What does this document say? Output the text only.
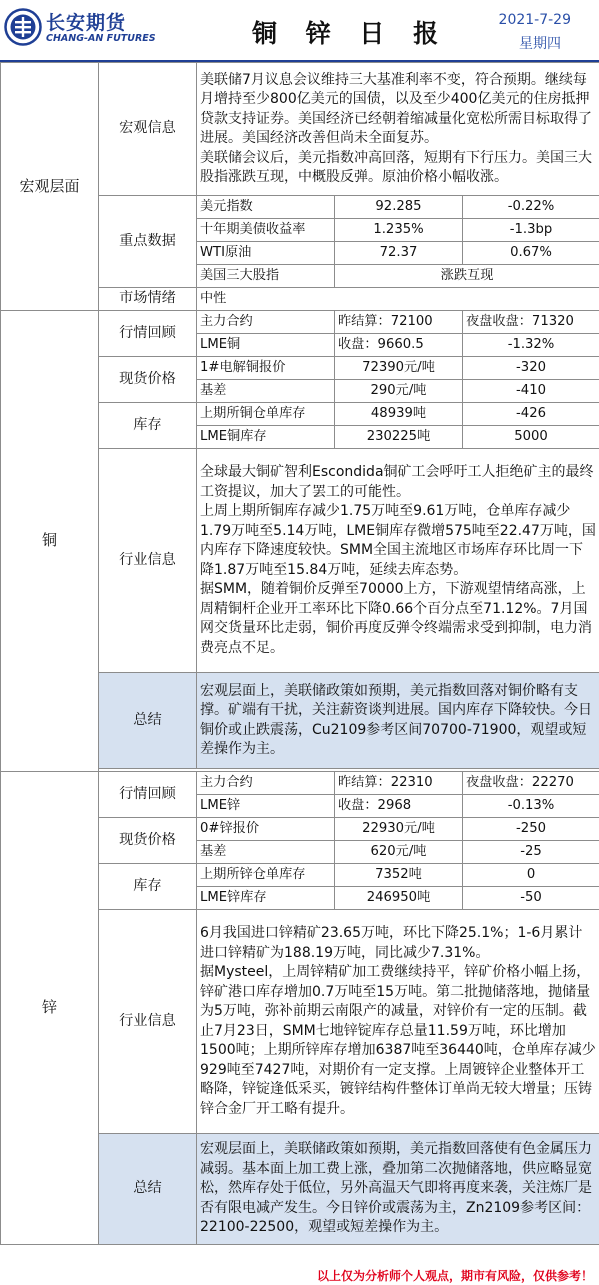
长安期货
CHANG-AN FUTURES	铜 锌 日 报	2021-7-29
星期四
宏观层面	宏观信息	美联储7月议息会议维持三大基准利率不变，符合预期。继续每月增持至少800亿美元的国债，以及至少400亿美元的住房抵押贷款支持证券。美国经济已经朝着缩减量化宽松所需目标取得了进展。美国经济改善但尚未全面复苏。
美联储会议后，美元指数冲高回落，短期有下行压力。美国三大股指涨跌互现，中概股反弹。原油价格小幅收涨。		
	重点数据	美元指数	92.285	-0.22%
		十年期美债收益率	1.235%	-1.3bp
		WTI原油	72.37	0.67%
		美国三大股指	涨跌互现	
	市场情绪	中性		
铜	行情回顾	主力合约	昨结算：72100	夜盘收盘：71320
		LME铜	收盘：9660.5	-1.32%
	现货价格	1#电解铜报价	72390元/吨	-320
		基差	290元/吨	-410
	库存	上期所铜仓单库存	48939吨	-426
		LME铜库存	230225吨	5000
	行业信息	全球最大铜矿智利Escondida铜矿工会呼吁工人拒绝矿主的最终工资提议，加大了罢工的可能性。
上周上期所铜库存减少1.75万吨至9.61万吨，仓单库存减少1.79万吨至5.14万吨，LME铜库存微增575吨至22.47万吨，国内库存下降速度较快。SMM全国主流地区市场库存环比周一下降1.87万吨至15.84万吨，延续去库态势。
据SMM，随着铜价反弹至70000上方，下游观望情绪高涨，上周精铜杆企业开工率环比下降0.66个百分点至71.12%。7月国网交货量环比走弱，铜价再度反弹令终端需求受到抑制，电力消费亮点不足。		
	总结	宏观层面上，美联储政策如预期，美元指数回落对铜价略有支撑。矿端有干扰，关注薪资谈判进展。国内库存下降较快。今日铜价或止跌震荡，Cu2109参考区间70700-71900，观望或短差操作为主。		

锌	行情回顾	主力合约	昨结算：22310	夜盘收盘：22270
		LME锌	收盘：2968	-0.13%
	现货价格	0#锌报价	22930元/吨	-250
		基差	620元/吨	-25
	库存	上期所锌仓单库存	7352吨	0
		LME锌库存	246950吨	-50
	行业信息	6月我国进口锌精矿23.65万吨，环比下降25.1%；1-6月累计进口锌精矿为188.19万吨，同比减少7.31%。
据Mysteel，上周锌精矿加工费继续持平，锌矿价格小幅上扬，锌矿港口库存增加0.7万吨至15万吨。第二批抛储落地，抛储量为5万吨，弥补前期云南限产的减量，对锌价有一定的压制。截止7月23日，SMM七地锌锭库存总量11.59万吨，环比增加1500吨；上期所锌库存增加6387吨至36440吨，仓单库存减少929吨至7427吨，对期价有一定支撑。上周镀锌企业整体开工略降，锌锭逢低采买，镀锌结构件整体订单尚无较大增量；压铸锌合金厂开工略有提升。		
	总结	宏观层面上，美联储政策如预期，美元指数回落使有色金属压力减弱。基本面上加工费上涨，叠加第二次抛储落地，供应略显宽松，然库存处于低位，另外高温天气即将再度来袭，关注炼厂是否有限电减产发生。今日锌价或震荡为主，Zn2109参考区间：22100-22500，观望或短差操作为主。		
以上仅为分析师个人观点，期市有风险，仅供参考！
